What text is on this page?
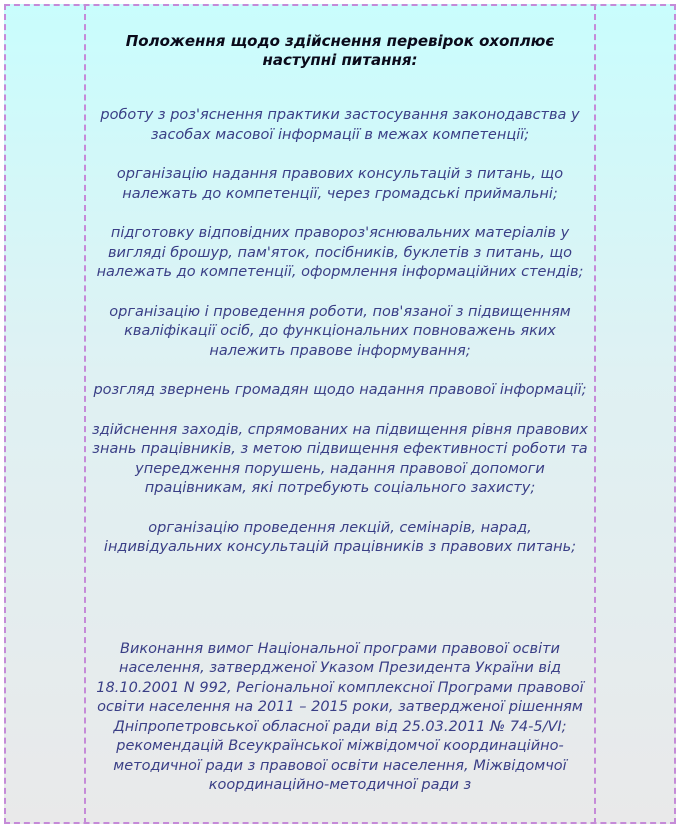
Положення щодо здійснення перевірок охоплює наступні питання:

роботу з роз'яснення практики застосування законодавства у засобах масової інформації в межах компетенції;

організацію надання правових консультацій з питань, що належать до компетенції, через громадські приймальні;

підготовку відповідних правороз'яснювальних матеріалів у вигляді брошур, пам'яток, посібників, буклетів з питань, що належать до компетенції, оформлення інформаційних стендів;

організацію і проведення роботи, пов'язаної з підвищенням кваліфікації осіб, до функціональних повноважень яких належить правове інформування;

розгляд звернень громадян щодо надання правової інформації;

здійснення заходів, спрямованих на підвищення рівня правових знань працівників, з метою підвищення ефективності роботи та упередження порушень, надання правової допомоги працівникам, які потребують соціального захисту;

організацію проведення лекцій, семінарів, нарад, індивідуальних консультацій працівників з правових питань;

Виконання вимог Національної програми правової освіти населення, затвердженої Указом Президента України від 18.10.2001 N 992, Регіональної комплексної Програми правової освіти населення на 2011 – 2015 роки, затвердженої рішенням Дніпропетровської обласної ради від 25.03.2011 № 74-5/VI; рекомендацій Всеукраїнської міжвідомчої координаційно-методичної ради з правової освіти населення, Міжвідомчої координаційно-методичної ради з
